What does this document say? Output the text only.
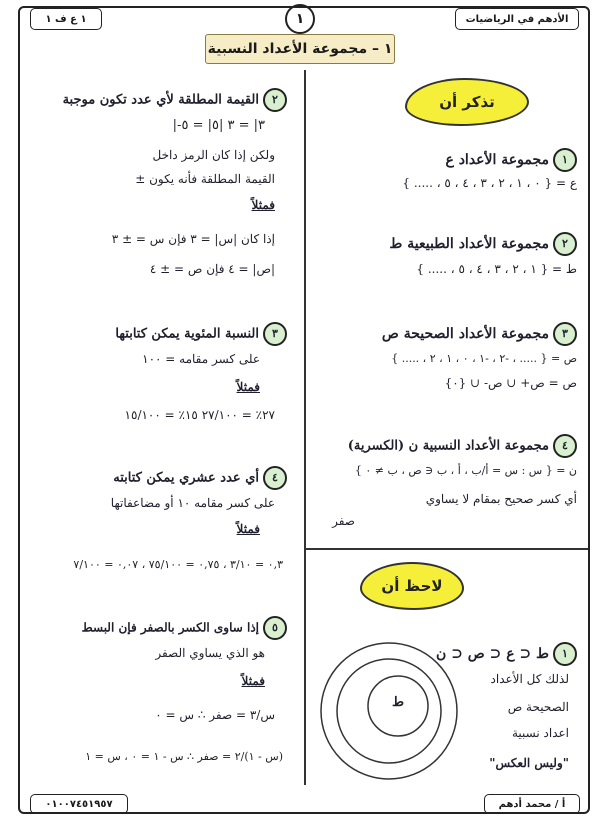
١ ع ف ١	١	الأدهم في الرياضيات
١ – مجموعة الأعداد النسبية
تذكر أن
١مجموعة الأعداد ع
ع = { ٠ ، ١ ، ٢ ، ٣ ، ٤ ، ٥ ، ..... }
٢مجموعة الأعداد الطبيعية ط
ط = { ١ ، ٢ ، ٣ ، ٤ ، ٥ ، ..... }
٣مجموعة الأعداد الصحيحة ص
ص = { ..... ، -٢ ، -١ ، ٠ ، ١ ، ٢ ، ..... }
ص = ص+ ∪ ص- ∪ {٠}
٤مجموعة الأعداد النسبية ن (الكسرية)
ن = { س : س = أ/ب ، أ ، ب ∈ ص ، ب ≠ ٠ }
أي كسر صحيح بمقام لا يساوي
صفر
لاحظ أن
١ط ⊂ ع ⊂ ص ⊂ ن
لذلك كل الأعداد
الصحيحة ص
اعداد نسبية
"وليس العكس"
ط
٢القيمة المطلقة لأي عدد تكون موجبة
|-٣| = ٣ |٥| = ٥
ولكن إذا كان الرمز داخل
القيمة المطلقة فأنه يكون ±
فمثلاً
إذا كان |س| = ٣ فإن س = ± ٣
|ص| = ٤ فإن ص = ± ٤
٣النسبة المئوية يمكن كتابتها
على كسر مقامه = ١٠٠
فمثلاً
٢٧٪ = ٢٧/١٠٠ ١٥٪ = ١٥/١٠٠
٤أي عدد عشري يمكن كتابته
على كسر مقامه ١٠ أو مضاعفاتها
فمثلاً
٠,٣ = ٣/١٠ ، ٠,٧٥ = ٧٥/١٠٠ ، ٠,٠٧ = ٧/١٠٠
٥إذا ساوى الكسر بالصفر فإن البسط
هو الذي يساوي الصفر
فمثلاً
س/٣ = صفر ∴ س = ٠
(س - ١)/٢ = صفر ∴ س - ١ = ٠ ، س = ١
٠١٠٠٧٤٥١٩٥٧	أ / محمد أدهم
